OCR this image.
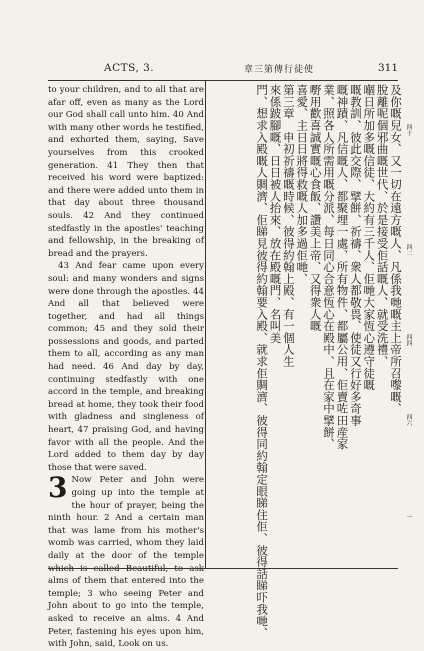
ACTS, 3.	章三第傳行徒使	311

to your children, and to all that are afar off, even as many as the Lord our God shall call unto him. 40 And with many other words he testified, and exhorted them, saying, Save yourselves from this crooked generation. 41 They then that received his word were baptized: and there were added unto them in that day about three thousand souls. 42 And they continued stedfastly in the apostles' teaching and fellowship, in the breaking of bread and the prayers.

43 And fear came upon every soul: and many wonders and signs were done through the apostles. 44 And all that believed were together, and had all things common; 45 and they sold their possessions and goods, and parted them to all, according as any man had need. 46 And day by day, continuing stedfastly with one accord in the temple, and breaking bread at home, they took their food with gladness and singleness of heart, 47 praising God, and having favor with all the people. And the Lord added to them day by day those that were saved.

3 Now Peter and John were going up into the temple at the hour of prayer, being the ninth hour. 2 And a certain man that was lame from his mother's womb was carried, whom they laid daily at the door of the temple which is called Beautiful, to ask alms of them that entered into the temple; 3 who seeing Peter and John about to go into the temple, asked to receive an alms. 4 And Peter, fastening his eyes upon him, with John, said, Look on us.

及你嘅兒女、又一切在遠方嘅人、凡係我哋嘅主上帝所召嚟嘅、
脫離呢個邪曲嘅世代、於是接受佢話嘅人、就受洗禮、
嗰日所加多嘅信徒、大約有三千人、佢哋大家恆心遵守徒嘅
嘅教訓、彼此交際、擘餅、祈禱、衆人都敬畏、使徒又行好多奇事
嘅神蹟、凡信嘅人、都聚埋一處、所有物件、都屬公用、佢賣咗田産家
業、照各人所需用嘅分派、每日同心合意恆心在殿中、且在家中擘餅、
嘢用歡喜誠實嘅心食飯、讚美上帝、又得衆人嘅
喜愛、主日日將得救嘅人加多過佢哋、
第三章　申初祈禱嘅時候、彼得約翰上殿、有一個人生
來係跛腳嘅、日日被人抬來、放在殿嘅門、名叫美
門、想求入殿嘅人賙濟、佢睇見彼得約翰要入殿、就求佢賙濟、彼得同約翰定眼睇住佢、彼得話睇吓我哋、	四十
四二
四四
四六
一
